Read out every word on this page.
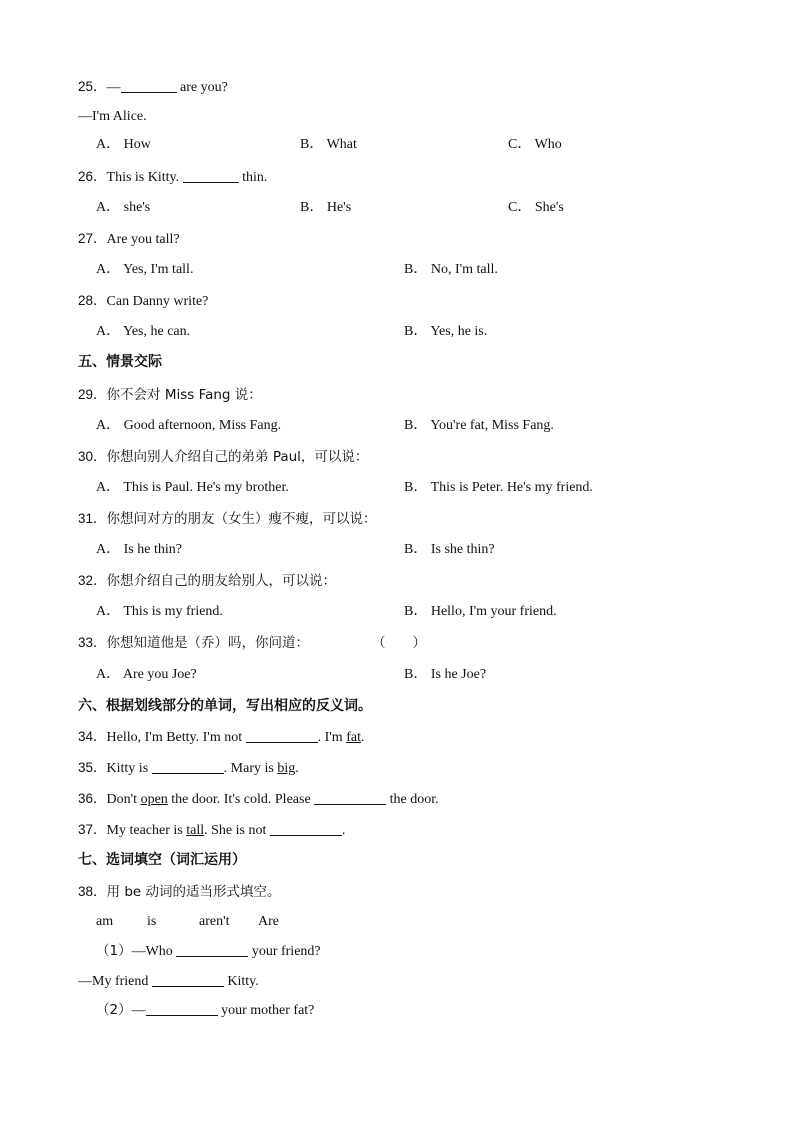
25．—	are you?
—I'm Alice.
A． How	B． What	C． Who
26．This is Kitty.	thin.
A． she's	B． He's	C． She's
27．Are you tall?
A． Yes, I'm tall.	B． No, I'm tall.
28．Can Danny write?
A． Yes, he can.	B． Yes, he is.
五、情景交际
29．你不会对 Miss Fang 说：
A． Good afternoon, Miss Fang.	B． You're fat, Miss Fang.
30．你想向别人介绍自己的弟弟 Paul，可以说：
A． This is Paul. He's my brother.	B． This is Peter. He's my friend.
31．你想问对方的朋友（女生）瘦不瘦，可以说：
A． Is he thin?	B． Is she thin?
32．你想介绍自己的朋友给别人，可以说：
A． This is my friend.	B． Hello, I'm your friend.
33．你想知道他是（乔）吗，你问道：	（　　）
A． Are you Joe?	B． Is he Joe?
六、根据划线部分的单词，写出相应的反义词。
34．Hello, I'm Betty. I'm not	. I'm fat.
35．Kitty is	. Mary is big.
36．Don't open the door. It's cold. Please	the door.
37．My teacher is tall. She is not	.
七、选词填空（词汇运用）
38．用 be 动词的适当形式填空。
am is	aren't Are
（1）—Who	your friend?
—My friend	Kitty.
（2）—	your mother fat?
